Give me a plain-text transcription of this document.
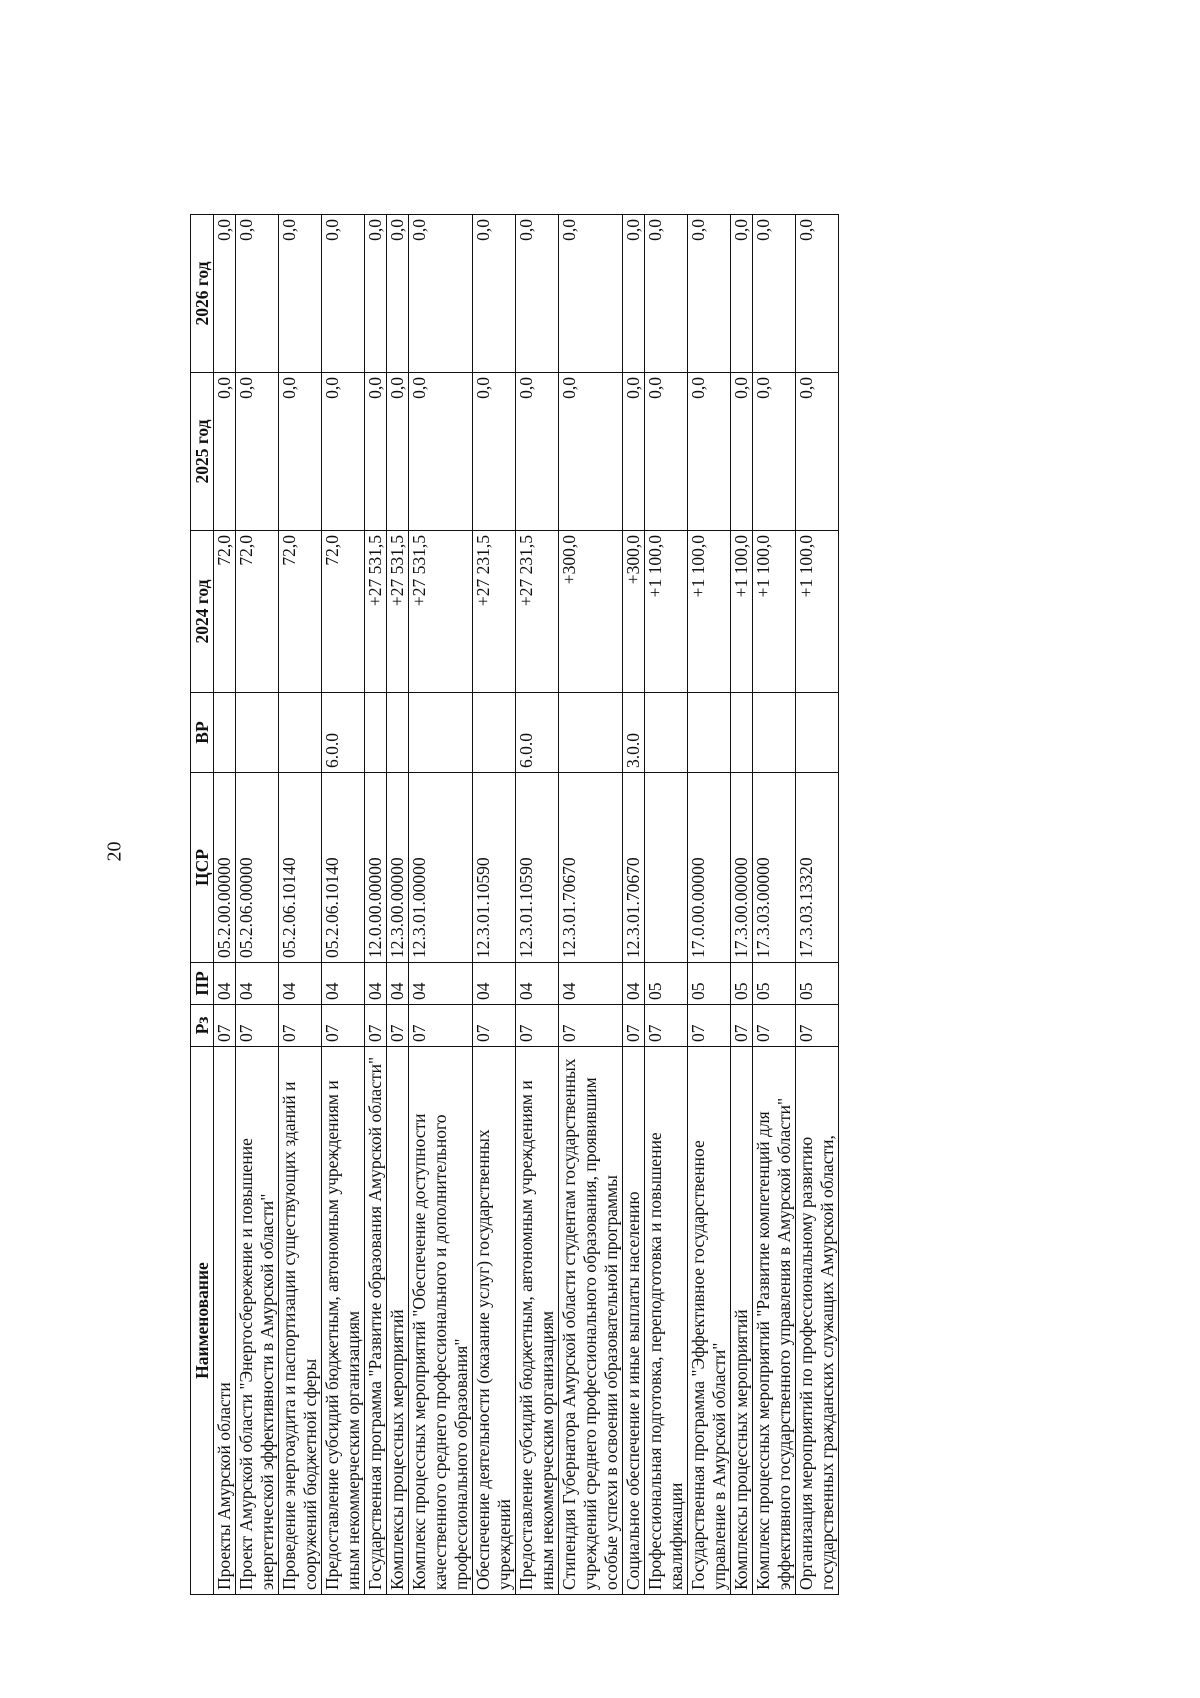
20
Наименование	Рз	ПР	ЦСР	ВР	2024 год	2025 год	2026 год
Проекты Амурской области	07	04	05.2.00.00000		72,0	0,0	0,0
Проект Амурской области "Энергосбережение и повышение энергетической эффективности в Амурской области"	07	04	05.2.06.00000		72,0	0,0	0,0
Проведение энергоаудита и паспортизации существующих зданий и сооружений бюджетной сферы	07	04	05.2.06.10140		72,0	0,0	0,0
Предоставление субсидий бюджетным, автономным учреждениям и иным некоммерческим организациям	07	04	05.2.06.10140	6.0.0	72,0	0,0	0,0
Государственная программа "Развитие образования Амурской области"	07	04	12.0.00.00000		+27 531,5	0,0	0,0
Комплексы процессных мероприятий	07	04	12.3.00.00000		+27 531,5	0,0	0,0
Комплекс процессных мероприятий "Обеспечение доступности качественного среднего профессионального и дополнительного профессионального образования"	07	04	12.3.01.00000		+27 531,5	0,0	0,0
Обеспечение деятельности (оказание услуг) государственных учреждений	07	04	12.3.01.10590		+27 231,5	0,0	0,0
Предоставление субсидий бюджетным, автономным учреждениям и иным некоммерческим организациям	07	04	12.3.01.10590	6.0.0	+27 231,5	0,0	0,0
Стипендия Губернатора Амурской области студентам государственных учреждений среднего профессионального образования, проявившим особые успехи в освоении образовательной программы	07	04	12.3.01.70670		+300,0	0,0	0,0
Социальное обеспечение и иные выплаты населению	07	04	12.3.01.70670	3.0.0	+300,0	0,0	0,0
Профессиональная подготовка, переподготовка и повышение квалификации	07	05			+1 100,0	0,0	0,0
Государственная программа "Эффективное государственное управление в Амурской области"	07	05	17.0.00.00000		+1 100,0	0,0	0,0
Комплексы процессных мероприятий	07	05	17.3.00.00000		+1 100,0	0,0	0,0
Комплекс процессных мероприятий "Развитие компетенций для эффективного государственного управления в Амурской области"	07	05	17.3.03.00000		+1 100,0	0,0	0,0
Организация мероприятий по профессиональному развитию государственных гражданских служащих Амурской области,	07	05	17.3.03.13320		+1 100,0	0,0	0,0
